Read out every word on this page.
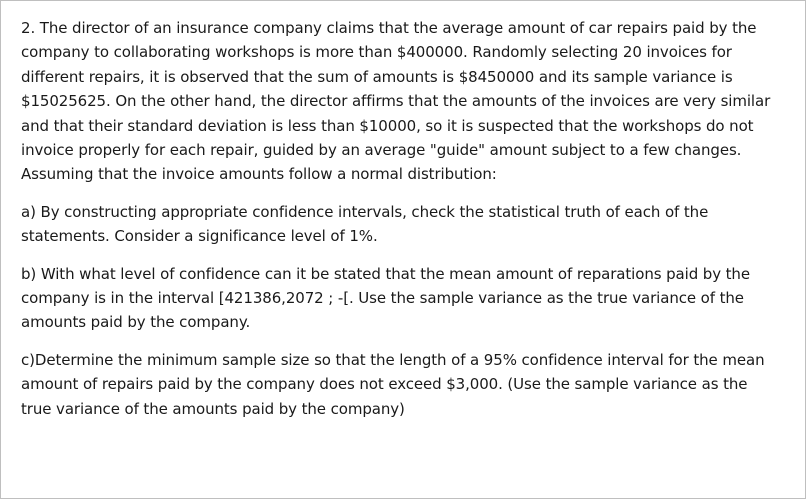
2. The director of an insurance company claims that the average amount of car repairs paid by the company to collaborating workshops is more than $400000. Randomly selecting 20 invoices for different repairs, it is observed that the sum of amounts is $8450000 and its sample variance is $15025625. On the other hand, the director affirms that the amounts of the invoices are very similar and that their standard deviation is less than $10000, so it is suspected that the workshops do not invoice properly for each repair, guided by an average "guide" amount subject to a few changes. Assuming that the invoice amounts follow a normal distribution:

a) By constructing appropriate confidence intervals, check the statistical truth of each of the statements. Consider a significance level of 1%.

b) With what level of confidence can it be stated that the mean amount of reparations paid by the company is in the interval [421386,2072 ; -[. Use the sample variance as the true variance of the amounts paid by the company.

c)Determine the minimum sample size so that the length of a 95% confidence interval for the mean amount of repairs paid by the company does not exceed $3,000. (Use the sample variance as the true variance of the amounts paid by the company)
